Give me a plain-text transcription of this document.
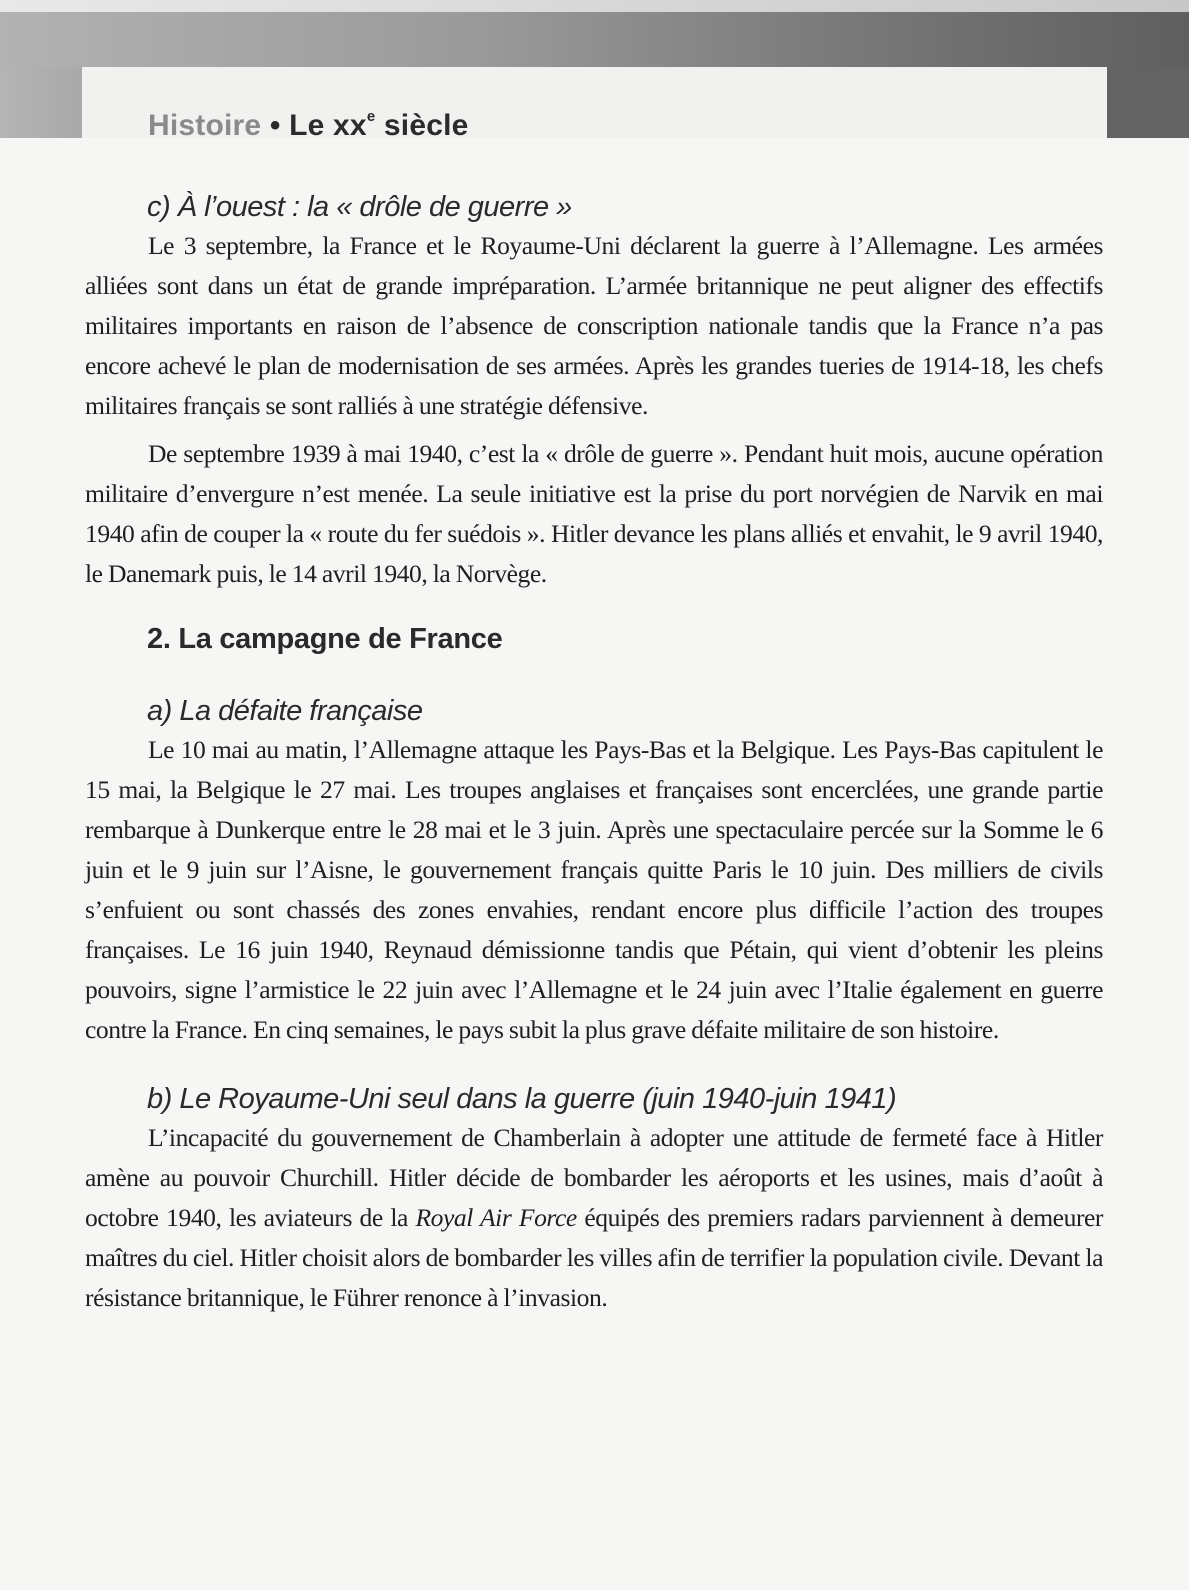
Histoire • Le $xx^e$ siècle
c) À l’ouest : la « drôle de guerre »

Le 3 septembre, la France et le Royaume-Uni déclarent la guerre à l’Allemagne. Les armées alliées sont dans un état de grande impréparation. L’armée britannique ne peut aligner des effectifs militaires importants en raison de l’absence de conscription nationale tandis que la France n’a pas encore achevé le plan de modernisation de ses armées. Après les grandes tueries de 1914-18, les chefs militaires français se sont ralliés à une stratégie défensive.

De septembre 1939 à mai 1940, c’est la « drôle de guerre ». Pendant huit mois, aucune opération militaire d’envergure n’est menée. La seule initiative est la prise du port norvégien de Narvik en mai 1940 afin de couper la « route du fer suédois ». Hitler devance les plans alliés et envahit, le 9 avril 1940, le Danemark puis, le 14 avril 1940, la Norvège.

2. La campagne de France
a) La défaite française

Le 10 mai au matin, l’Allemagne attaque les Pays-Bas et la Belgique. Les Pays-Bas capitulent le 15 mai, la Belgique le 27 mai. Les troupes anglaises et françaises sont encerclées, une grande partie rembarque à Dunkerque entre le 28 mai et le 3 juin. Après une spectaculaire percée sur la Somme le 6 juin et le 9 juin sur l’Aisne, le gouvernement français quitte Paris le 10 juin. Des milliers de civils s’enfuient ou sont chassés des zones envahies, rendant encore plus difficile l’action des troupes françaises. Le 16 juin 1940, Reynaud démissionne tandis que Pétain, qui vient d’obtenir les pleins pouvoirs, signe l’armistice le 22 juin avec l’Allemagne et le 24 juin avec l’Italie également en guerre contre la France. En cinq semaines, le pays subit la plus grave défaite militaire de son histoire.

b) Le Royaume-Uni seul dans la guerre (juin 1940-juin 1941)

L’incapacité du gouvernement de Chamberlain à adopter une attitude de fermeté face à Hitler amène au pouvoir Churchill. Hitler décide de bombarder les aéroports et les usines, mais d’août à octobre 1940, les aviateurs de la Royal Air Force équipés des premiers radars parviennent à demeurer maîtres du ciel. Hitler choisit alors de bombarder les villes afin de terrifier la population civile. Devant la résistance britannique, le Führer renonce à l’invasion.
